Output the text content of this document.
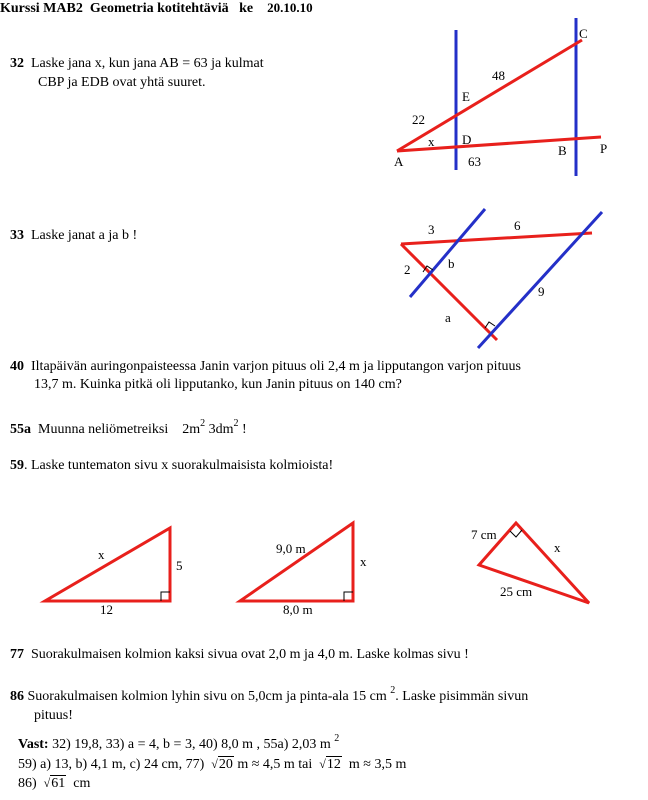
Kurssi MAB2 Geometria kotitehtäviä ke 20.10.10
32 Laske jana x, kun jana AB = 63 ja kulmat
CBP ja EDB ovat yhtä suuret.
33 Laske janat a ja b !
40 Iltapäivän auringonpaisteessa Janin varjon pituus oli 2,4 m ja lipputangon varjon pituus
13,7 m. Kuinka pitkä oli lipputanko, kun Janin pituus on 140 cm?
55a Muunna neliömetreiksi $2m^2$ $3dm^2$ !
59. Laske tuntematon sivu x suorakulmaisista kolmioista!
77 Suorakulmaisen kolmion kaksi sivua ovat 2,0 m ja 4,0 m. Laske kolmas sivu !
86 Suorakulmaisen kolmion lyhin sivu on 5,0cm ja pinta-ala 15 cm $^2$. Laske pisimmän sivun
pituus!
Vast: 32) 19,8, 33) a = 4, b = 3, 40) 8,0 m , 55a) 2,03 m $^2$
59) a) 13, b) 4,1 m, c) 24 cm, 77) √20 m ≈ 4,5 m tai √12 m ≈ 3,5 m
86) √61 cm
A
B
C
D
E
P
x
22
48
63
3	6
2	b
9
a
x
5
12
9,0 m
x
8,0 m
7 cm
x
25 cm
